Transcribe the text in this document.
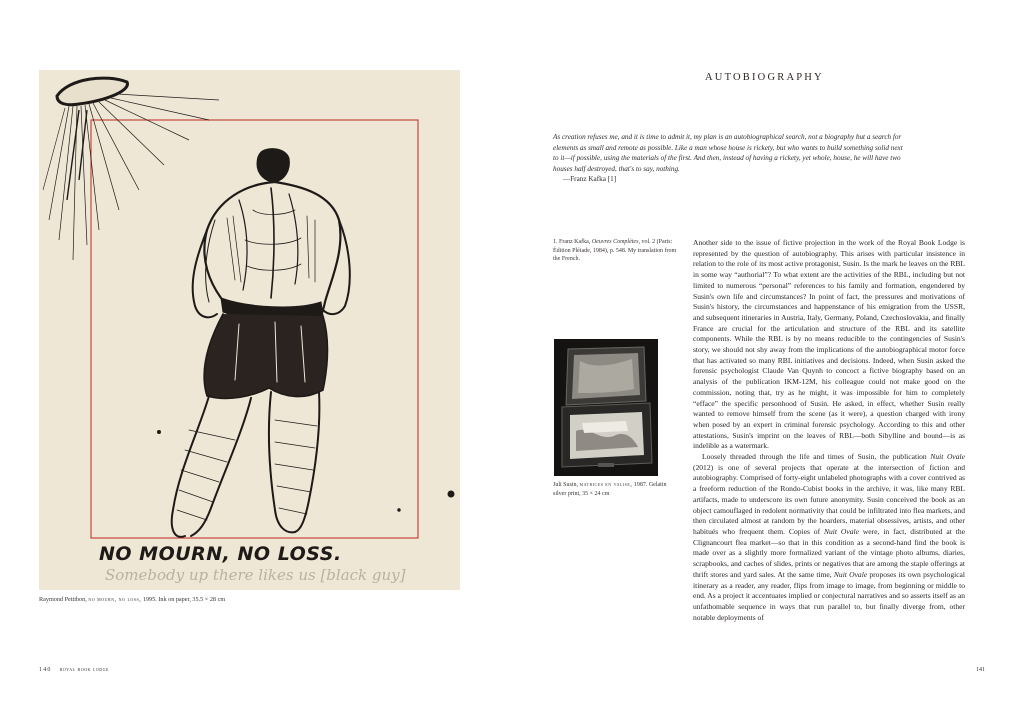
NO MOURN, NO LOSS.
Somebody up there likes us [black guy]
Raymond Pettibon, no mourn, no loss, 1995. Ink on paper, 35.5 × 28 cm
140 royal book lodge
AUTOBIOGRAPHY
As creation refuses me, and it is time to admit it, my plan is an autobiographical search, not a biography but a search for elements as small and remote as possible. Like a man whose house is rickety, but who wants to build something solid next to it—if possible, using the materials of the first. And then, instead of having a rickety, yet whole, house, he will have two houses half destroyed, that's to say, nothing.
—Franz Kafka [1]
1. Franz Kafka, Oeuvres Complètes, vol. 2 (Paris: Édition Pléiade, 1984), p. 548. My translation from the French.
Juli Susin, matrices en valise, 1987. Gelatin silver print, 35 × 24 cm

Another side to the issue of fictive projection in the work of the Royal Book Lodge is represented by the question of autobiography. This arises with particular insistence in relation to the role of its most active protagonist, Susin. Is the mark he leaves on the RBL in some way “authorial”? To what extent are the activities of the RBL, including but not limited to numerous “personal” references to his family and formation, engendered by Susin's own life and circumstances? In point of fact, the pressures and motivations of Susin's history, the circumstances and happenstance of his emigration from the USSR, and subsequent itineraries in Austria, Italy, Germany, Poland, Czechoslovakia, and finally France are crucial for the articulation and structure of the RBL and its satellite components. While the RBL is by no means reducible to the contingencies of Susin's story, we should not shy away from the implications of the autobiographical motor force that has activated so many RBL initiatives and decisions. Indeed, when Susin asked the forensic psychologist Claude Van Quynh to concoct a fictive biography based on an analysis of the publication IKM-12M, his colleague could not make good on the commission, noting that, try as he might, it was impossible for him to completely “efface” the specific personhood of Susin. He asked, in effect, whether Susin really wanted to remove himself from the scene (as it were), a question charged with irony when posed by an expert in criminal forensic psychology. According to this and other attestations, Susin's imprint on the leaves of RBL—both Sibylline and bound—is as indelible as a watermark.

Loosely threaded through the life and times of Susin, the publication Nuit Ovale (2012) is one of several projects that operate at the intersection of fiction and autobiography. Comprised of forty-eight unlabeled photographs with a cover contrived as a freeform reduction of the Rondo-Cubist books in the archive, it was, like many RBL artifacts, made to underscore its own future anonymity. Susin conceived the book as an object camouflaged in redolent normativity that could be infiltrated into flea markets, and then circulated almost at random by the hoarders, material obsessives, artists, and other habitués who frequent them. Copies of Nuit Ovale were, in fact, distributed at the Clignancourt flea market—so that in this condition as a second-hand find the book is made over as a slightly more formalized variant of the vintage photo albums, diaries, scrapbooks, and caches of slides, prints or negatives that are among the staple offerings at thrift stores and yard sales. At the same time, Nuit Ovale proposes its own psychological itinerary as a reader, any reader, flips from image to image, from beginning or middle to end. As a project it accentuates implied or conjectural narratives and so asserts itself as an unfathomable sequence in ways that run parallel to, but finally diverge from, other notable deployments of

141
